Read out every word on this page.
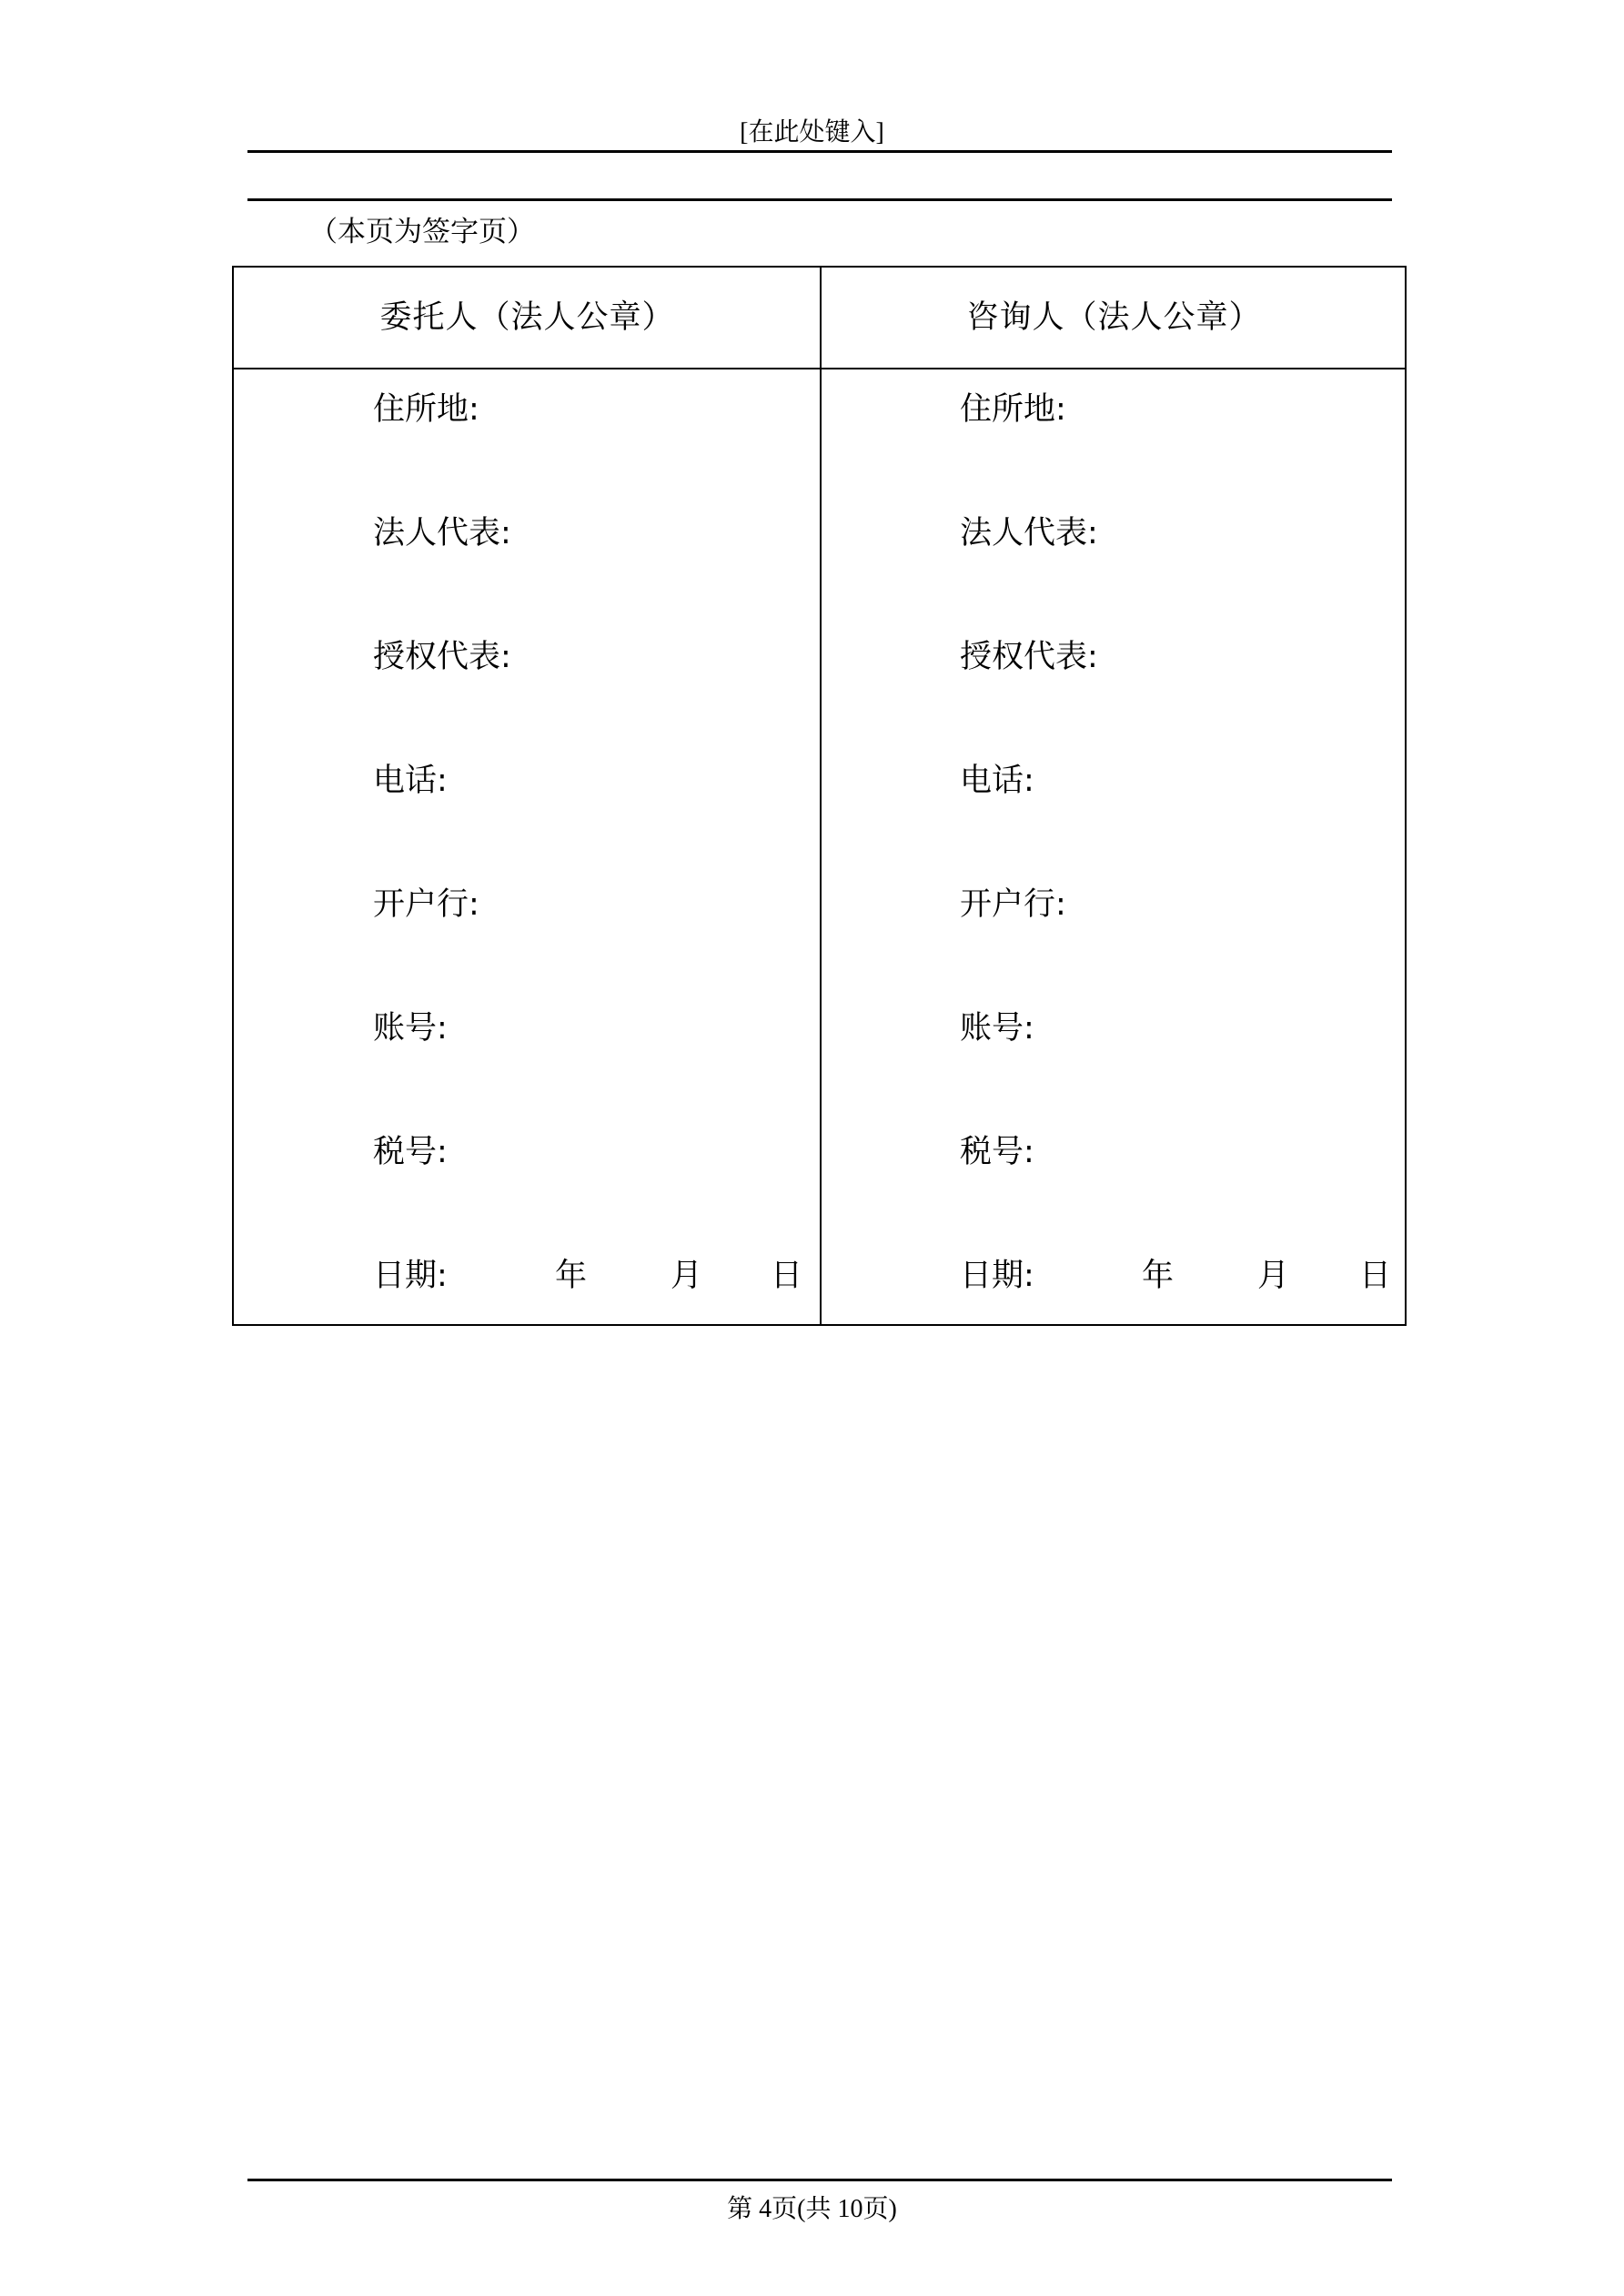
[在此处键入]
（本页为签字页）
委托人（法人公章）
住所地:
法人代表:
授权代表:
电话:
开户行:
账号:
税号:
日期:	年	月 日
咨询人（法人公章）
住所地:
法人代表:
授权代表:
电话:
开户行:
账号:
税号:
日期:	年	月 日
第 4页(共 10页)
